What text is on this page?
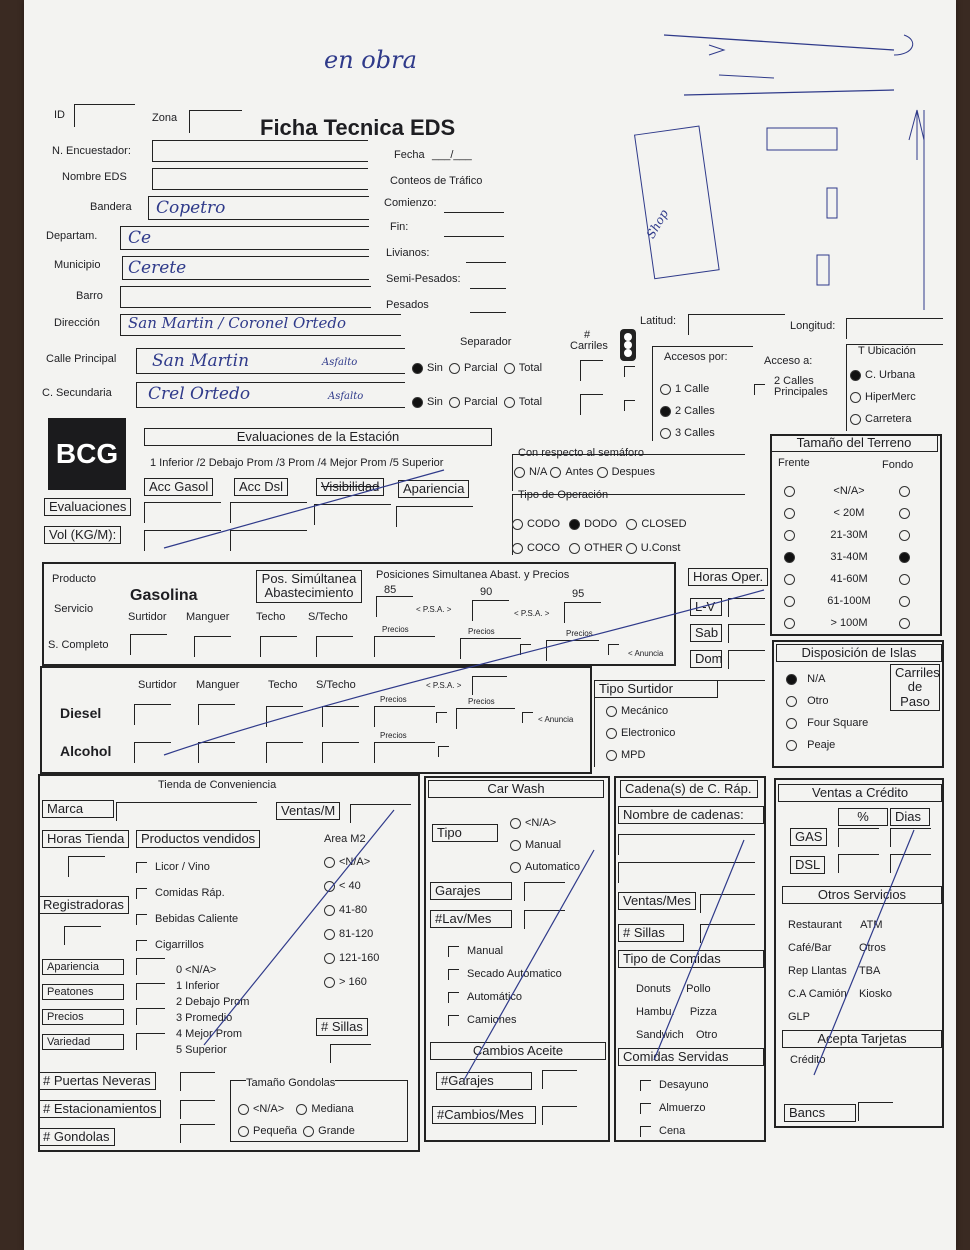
en obra
Shop
ID	Zona	Ficha Tecnica EDS
N. Encuestador:
Nombre EDS
Bandera Copetro
Departam. Ce
Municipio Cerete
Barro
Dirección San Martin / Coronel Ortedo
Fecha ___/___
Conteos de Tráfico
Comienzo:
Fin:
Livianos:
Semi-Pesados:
Pesados
Latitud:	Longitud:
Separador
# Carriles
Calle Principal San Martin	Asfalto
C. Secundaria Crel Ortedo	Asfalto
Sin Parcial Total
Sin Parcial Total
Accesos por:
1 Calle
2 Calles
3 Calles
Acceso a:
2 Calles Principales
T Ubicación
C. Urbana
HiperMerc
Carretera
BCG
Evaluaciones de la Estación
1 Inferior /2 Debajo Prom /3 Prom /4 Mejor Prom /5 Superior
Acc Gasol	Acc Dsl	Visibilidad	Apariencia
Evaluaciones
Vol (KG/M):
Con respecto al semáforo
N/A Antes Despues
Tipo de Operación
CODO DODO CLOSED
COCO OTHER U.Const
Tamaño del Terreno
Frente	Fondo
<N/A>
< 20M
21-30M
31-40M
41-60M
61-100M
> 100M
Producto
Servicio
S. Completo
Gasolina
Surtidor Manguer Techo S/Techo
Pos. Simúltanea Abastecimiento
Posiciones Simultanea Abast. y Precios
85	90	95
< P.S.A. >	< P.S.A. >
Precios	Precios	Precios
< Anuncia
Horas Oper.
L-V
Sab
Dom
Surtidor Manguer	Techo S/Techo	< P.S.A. >
Diesel
Alcohol
Precios	Precios
< Anuncia
Precios
Tipo Surtidor
Mecánico
Electronico
MPD
Disposición de Islas
N/A
Otro
Four Square
Peaje
Carriles de Paso
Tienda de Conveniencia
Marca	Ventas/M
Horas Tienda	Productos vendidos
Licor / Vino
Comidas Ráp.
Bebidas Caliente
Cigarrillos
Area M2
<N/A>
< 40
41-80
81-120
121-160
> 160
Registradoras
Apariencia
Peatones
Precios
Variedad
0 <N/A>
1 Inferior
2 Debajo Prom
3 Promedio
4 Mejor Prom
5 Superior
# Sillas
# Puertas Neveras
# Estacionamientos
# Gondolas
Tamaño Gondolas
<N/A> Mediana
Pequeña Grande
Car Wash
Tipo
<N/A>
Manual
Automatico
Garajes
#Lav/Mes
Manual
Secado Automatico
Automático
Camiones
Cambios Aceite
#Garajes
#Cambios/Mes
Cadena(s) de C. Ráp.
Nombre de cadenas:
Ventas/Mes
# Sillas
Tipo de Comidas
Donuts Pollo
Hambu. Pizza
Sandwich Otro
Comidas Servidas
Desayuno
Almuerzo
Cena
Ventas a Crédito
%	Dias
GAS
DSL
Otros Servicios
Restaurant ATM
Café/Bar	Otros
Rep Llantas TBA
C.A Camión Kiosko
GLP
Acepta Tarjetas
Crédito
Bancs
